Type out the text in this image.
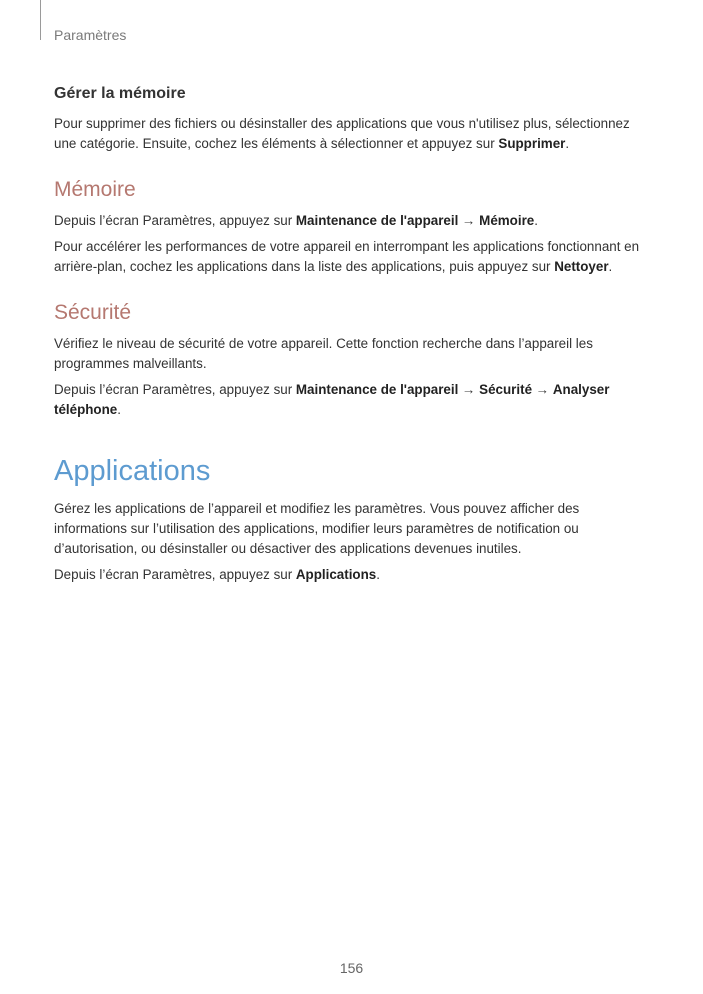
Paramètres
Gérer la mémoire

Pour supprimer des fichiers ou désinstaller des applications que vous n'utilisez plus, sélectionnez une catégorie. Ensuite, cochez les éléments à sélectionner et appuyez sur Supprimer.

Mémoire

Depuis l’écran Paramètres, appuyez sur Maintenance de l'appareil → Mémoire.

Pour accélérer les performances de votre appareil en interrompant les applications fonctionnant en arrière-plan, cochez les applications dans la liste des applications, puis appuyez sur Nettoyer.

Sécurité

Vérifiez le niveau de sécurité de votre appareil. Cette fonction recherche dans l’appareil les programmes malveillants.

Depuis l’écran Paramètres, appuyez sur Maintenance de l'appareil → Sécurité → Analyser téléphone.

Applications

Gérez les applications de l’appareil et modifiez les paramètres. Vous pouvez afficher des informations sur l’utilisation des applications, modifier leurs paramètres de notification ou d’autorisation, ou désinstaller ou désactiver des applications devenues inutiles.

Depuis l’écran Paramètres, appuyez sur Applications.

156
